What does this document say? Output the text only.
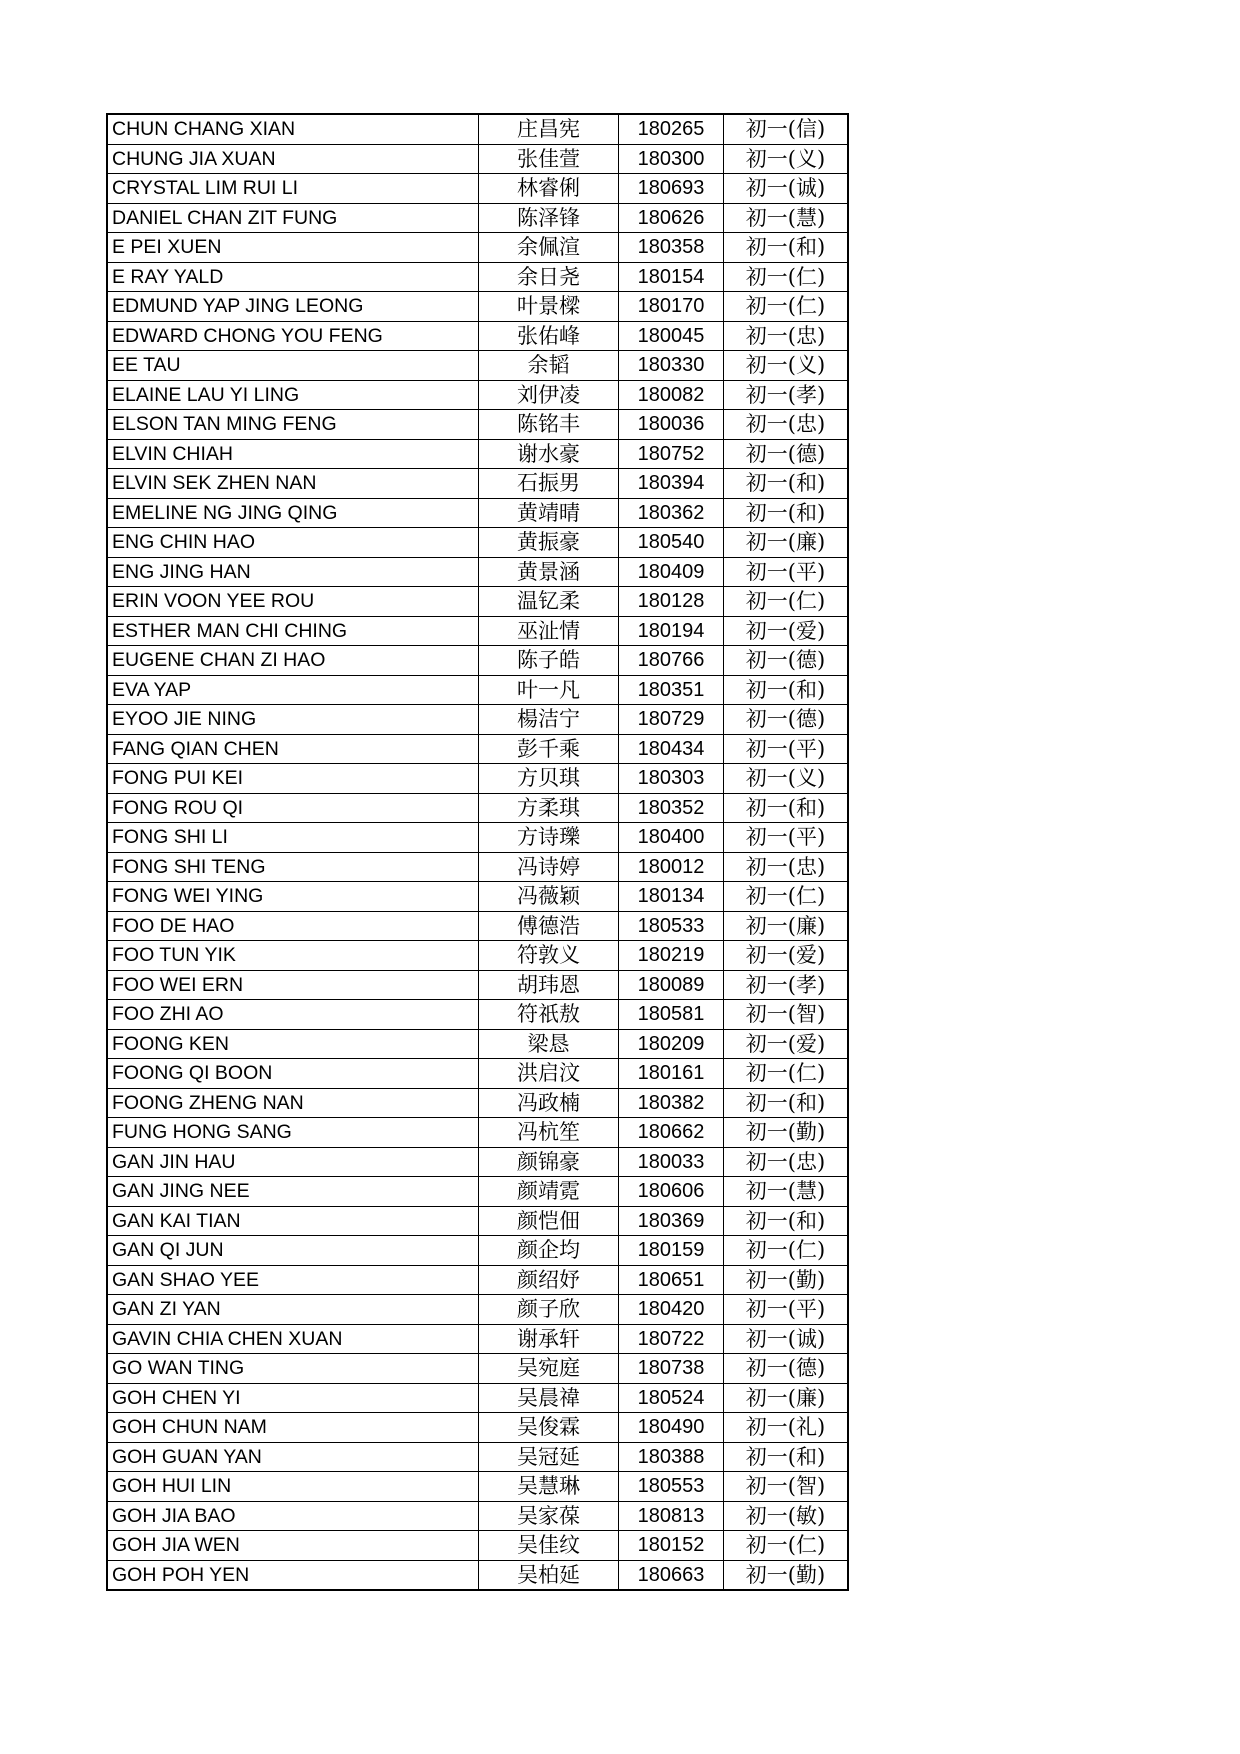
CHUN CHANG XIAN	庄昌宪	180265	初一(信)
CHUNG JIA XUAN	张佳萱	180300	初一(义)
CRYSTAL LIM RUI LI	林睿俐	180693	初一(诚)
DANIEL CHAN ZIT FUNG	陈泽锋	180626	初一(慧)
E PEI XUEN	余佩渲	180358	初一(和)
E RAY YALD	余日尧	180154	初一(仁)
EDMUND YAP JING LEONG	叶景樑	180170	初一(仁)
EDWARD CHONG YOU FENG	张佑峰	180045	初一(忠)
EE TAU	余韬	180330	初一(义)
ELAINE LAU YI LING	刘伊凌	180082	初一(孝)
ELSON TAN MING FENG	陈铭丰	180036	初一(忠)
ELVIN CHIAH	谢水豪	180752	初一(德)
ELVIN SEK ZHEN NAN	石振男	180394	初一(和)
EMELINE NG JING QING	黄靖晴	180362	初一(和)
ENG CHIN HAO	黄振豪	180540	初一(廉)
ENG JING HAN	黄景涵	180409	初一(平)
ERIN VOON YEE ROU	温钇柔	180128	初一(仁)
ESTHER MAN CHI CHING	巫沚情	180194	初一(爱)
EUGENE CHAN ZI HAO	陈子皓	180766	初一(德)
EVA YAP	叶一凡	180351	初一(和)
EYOO JIE NING	楊洁宁	180729	初一(德)
FANG QIAN CHEN	彭千乘	180434	初一(平)
FONG PUI KEI	方贝琪	180303	初一(义)
FONG ROU QI	方柔琪	180352	初一(和)
FONG SHI LI	方诗瓅	180400	初一(平)
FONG SHI TENG	冯诗婷	180012	初一(忠)
FONG WEI YING	冯薇颖	180134	初一(仁)
FOO DE HAO	傅德浩	180533	初一(廉)
FOO TUN YIK	符敦义	180219	初一(爱)
FOO WEI ERN	胡玮恩	180089	初一(孝)
FOO ZHI AO	符祇敖	180581	初一(智)
FOONG KEN	梁恳	180209	初一(爱)
FOONG QI BOON	洪启汶	180161	初一(仁)
FOONG ZHENG NAN	冯政楠	180382	初一(和)
FUNG HONG SANG	冯杭笙	180662	初一(勤)
GAN JIN HAU	颜锦豪	180033	初一(忠)
GAN JING NEE	颜靖霓	180606	初一(慧)
GAN KAI TIAN	颜恺佃	180369	初一(和)
GAN QI JUN	颜企均	180159	初一(仁)
GAN SHAO YEE	颜绍妤	180651	初一(勤)
GAN ZI YAN	颜子欣	180420	初一(平)
GAVIN CHIA CHEN XUAN	谢承轩	180722	初一(诚)
GO WAN TING	吴宛庭	180738	初一(德)
GOH CHEN YI	吴晨禕	180524	初一(廉)
GOH CHUN NAM	吴俊霖	180490	初一(礼)
GOH GUAN YAN	吴冠延	180388	初一(和)
GOH HUI LIN	吴慧琳	180553	初一(智)
GOH JIA BAO	吴家葆	180813	初一(敏)
GOH JIA WEN	吴佳纹	180152	初一(仁)
GOH POH YEN	吴柏延	180663	初一(勤)
